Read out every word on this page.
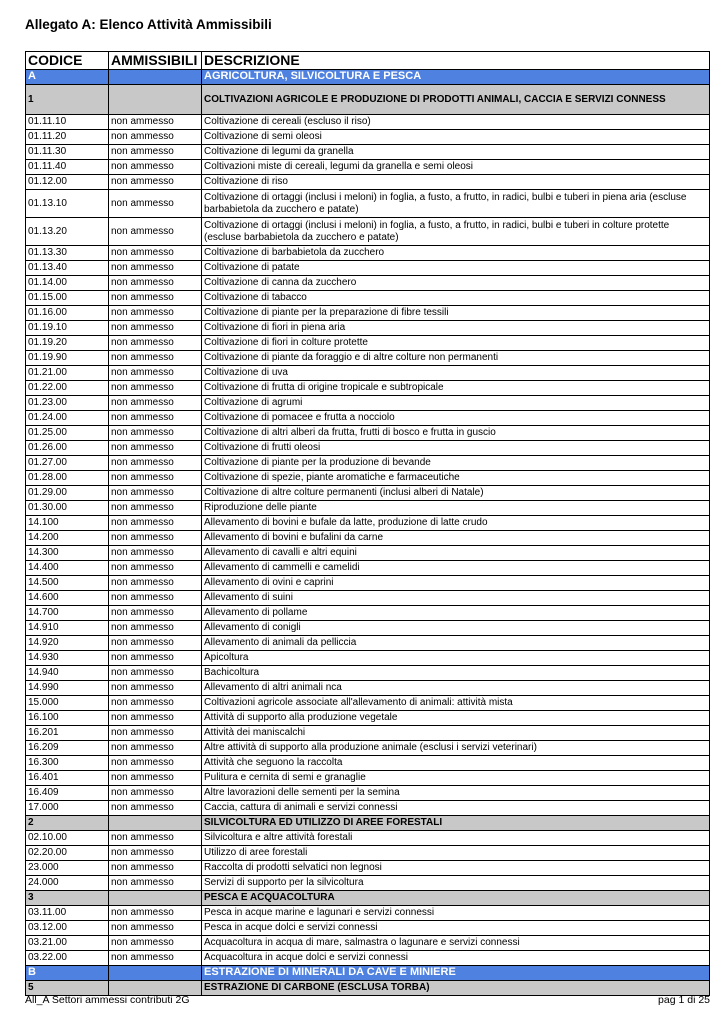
Allegato A: Elenco Attività Ammissibili
CODICE	AMMISSIBILI	DESCRIZIONE
A		AGRICOLTURA, SILVICOLTURA E PESCA
1		COLTIVAZIONI AGRICOLE E PRODUZIONE DI PRODOTTI ANIMALI, CACCIA E SERVIZI CONNESS
01.11.10	non ammesso	Coltivazione di cereali (escluso il riso)
01.11.20	non ammesso	Coltivazione di semi oleosi
01.11.30	non ammesso	Coltivazione di legumi da granella
01.11.40	non ammesso	Coltivazioni miste di cereali, legumi da granella e semi oleosi
01.12.00	non ammesso	Coltivazione di riso
01.13.10	non ammesso	Coltivazione di ortaggi (inclusi i meloni) in foglia, a fusto, a frutto, in radici, bulbi e tuberi in piena aria (escluse barbabietola da zucchero e patate)
01.13.20	non ammesso	Coltivazione di ortaggi (inclusi i meloni) in foglia, a fusto, a frutto, in radici, bulbi e tuberi in colture protette (escluse barbabietola da zucchero e patate)
01.13.30	non ammesso	Coltivazione di barbabietola da zucchero
01.13.40	non ammesso	Coltivazione di patate
01.14.00	non ammesso	Coltivazione di canna da zucchero
01.15.00	non ammesso	Coltivazione di tabacco
01.16.00	non ammesso	Coltivazione di piante per la preparazione di fibre tessili
01.19.10	non ammesso	Coltivazione di fiori in piena aria
01.19.20	non ammesso	Coltivazione di fiori in colture protette
01.19.90	non ammesso	Coltivazione di piante da foraggio e di altre colture non permanenti
01.21.00	non ammesso	Coltivazione di uva
01.22.00	non ammesso	Coltivazione di frutta di origine tropicale e subtropicale
01.23.00	non ammesso	Coltivazione di agrumi
01.24.00	non ammesso	Coltivazione di pomacee e frutta a nocciolo
01.25.00	non ammesso	Coltivazione di altri alberi da frutta, frutti di bosco e frutta in guscio
01.26.00	non ammesso	Coltivazione di frutti oleosi
01.27.00	non ammesso	Coltivazione di piante per la produzione di bevande
01.28.00	non ammesso	Coltivazione di spezie, piante aromatiche e farmaceutiche
01.29.00	non ammesso	Coltivazione di altre colture permanenti (inclusi alberi di Natale)
01.30.00	non ammesso	Riproduzione delle piante
14.100	non ammesso	Allevamento di bovini e bufale da latte, produzione di latte crudo
14.200	non ammesso	Allevamento di bovini e bufalini da carne
14.300	non ammesso	Allevamento di cavalli e altri equini
14.400	non ammesso	Allevamento di cammelli e camelidi
14.500	non ammesso	Allevamento di ovini e caprini
14.600	non ammesso	Allevamento di suini
14.700	non ammesso	Allevamento di pollame
14.910	non ammesso	Allevamento di conigli
14.920	non ammesso	Allevamento di animali da pelliccia
14.930	non ammesso	Apicoltura
14.940	non ammesso	Bachicoltura
14.990	non ammesso	Allevamento di altri animali nca
15.000	non ammesso	Coltivazioni agricole associate all'allevamento di animali: attività mista
16.100	non ammesso	Attività di supporto alla produzione vegetale
16.201	non ammesso	Attività dei maniscalchi
16.209	non ammesso	Altre attività di supporto alla produzione animale (esclusi i servizi veterinari)
16.300	non ammesso	Attività che seguono la raccolta
16.401	non ammesso	Pulitura e cernita di semi e granaglie
16.409	non ammesso	Altre lavorazioni delle sementi per la semina
17.000	non ammesso	Caccia, cattura di animali e servizi connessi
2		SILVICOLTURA ED UTILIZZO DI AREE FORESTALI
02.10.00	non ammesso	Silvicoltura e altre attività forestali
02.20.00	non ammesso	Utilizzo di aree forestali
23.000	non ammesso	Raccolta di prodotti selvatici non legnosi
24.000	non ammesso	Servizi di supporto per la silvicoltura
3		PESCA E ACQUACOLTURA
03.11.00	non ammesso	Pesca in acque marine e lagunari e servizi connessi
03.12.00	non ammesso	Pesca in acque dolci e servizi connessi
03.21.00	non ammesso	Acquacoltura in acqua di mare, salmastra o lagunare e servizi connessi
03.22.00	non ammesso	Acquacoltura in acque dolci e servizi connessi
B		ESTRAZIONE DI MINERALI DA CAVE E MINIERE
5		ESTRAZIONE DI CARBONE (ESCLUSA TORBA)
All_A Settori ammessi contributi 2G	pag 1 di 25
